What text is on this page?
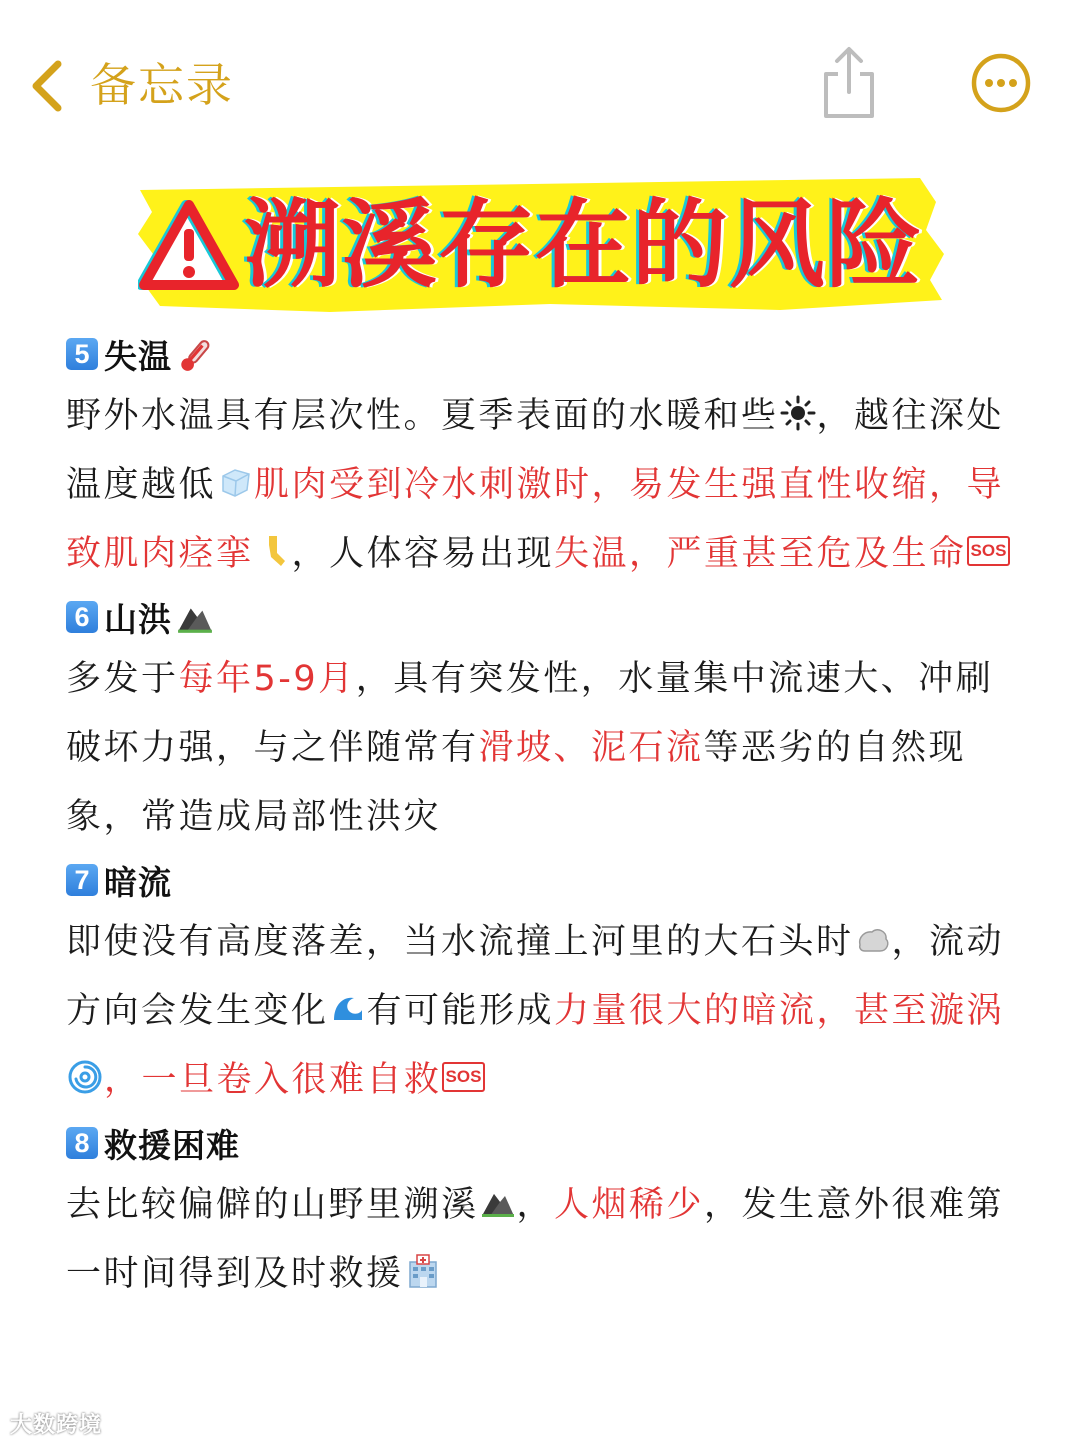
备忘录
溯溪存在的风险
5 失温

野外水温具有层次性。夏季表面的水暖和些 ，越往深处温度越低 肌肉受到冷水刺激时，易发生强直性收缩，导致肌肉痉挛 ，人体容易出现失温，严重甚至危及生命 SOS

6 山洪

多发于每年5-9月，具有突发性，水量集中流速大、冲刷破坏力强，与之伴随常有滑坡、泥石流等恶劣的自然现象，常造成局部性洪灾

7 暗流

即使没有高度落差，当水流撞上河里的大石头时 ，流动方向会发生变化 有可能形成力量很大的暗流，甚至漩涡，一旦卷入很难自救 SOS

8 救援困难

去比较偏僻的山野里溯溪 ，人烟稀少，发生意外很难第一时间得到及时救援

大数跨境
